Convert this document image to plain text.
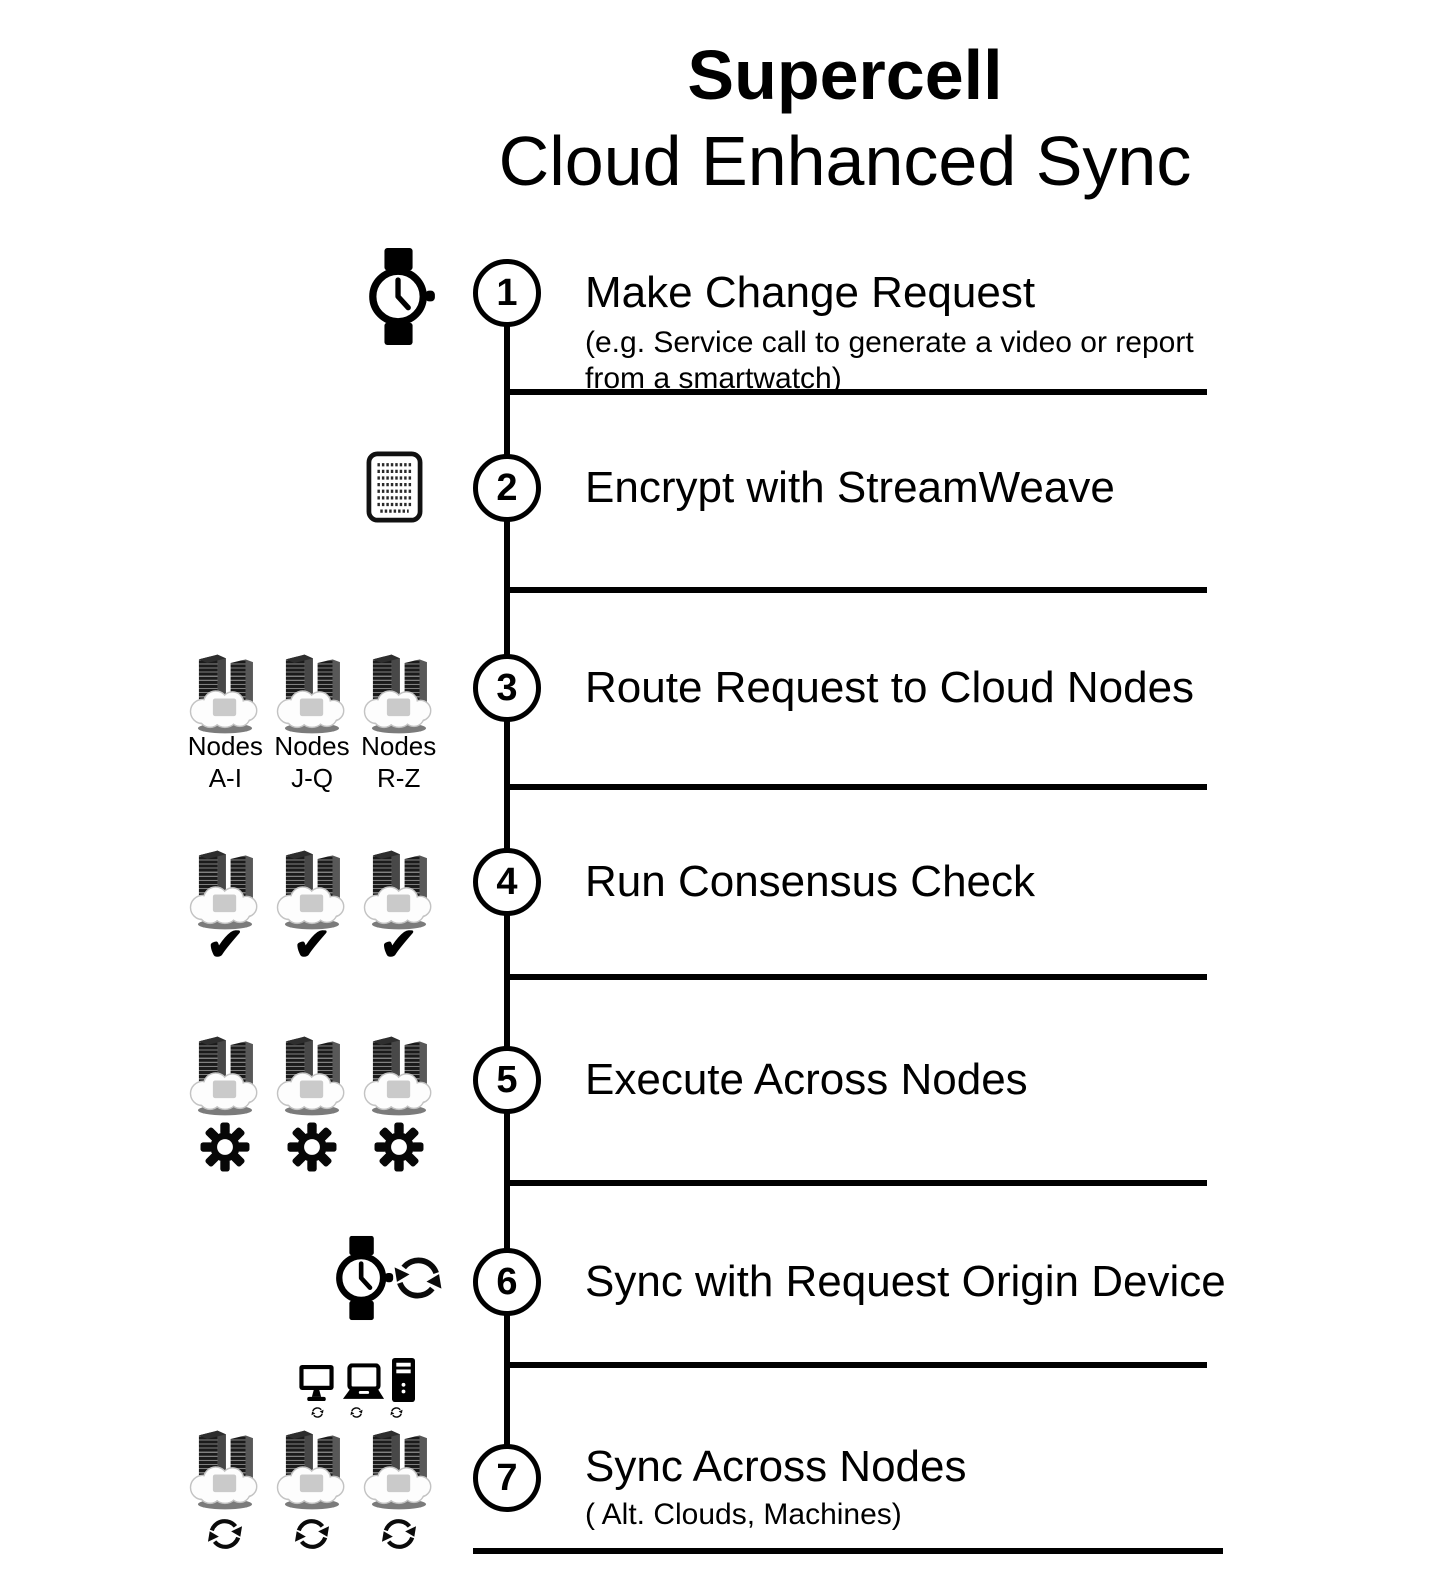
Supercell
Cloud Enhanced Sync
1
2
3
4
5
6
7
Make Change Request
(e.g. Service call to generate a video or report from a smartwatch)
Encrypt with StreamWeave
Route Request to Cloud Nodes
Run Consensus Check
Execute Across Nodes
Sync with Request Origin Device
Sync Across Nodes
( Alt. Clouds, Machines)
Nodes
A-I
Nodes
J-Q
Nodes
R-Z
✔	✔	✔
